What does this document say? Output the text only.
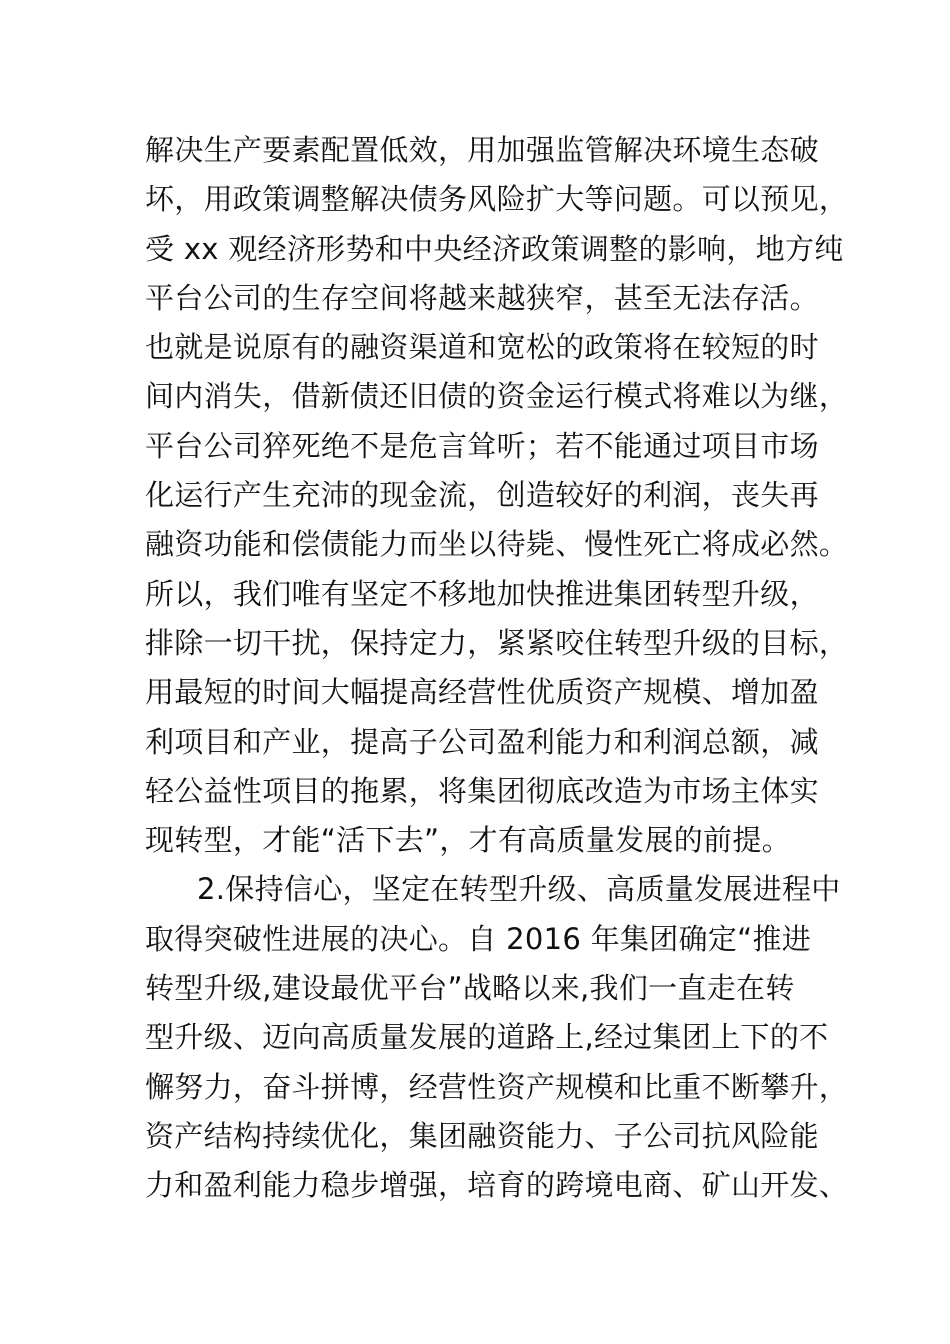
解决生产要素配置低效，用加强监管解决环境生态破
坏，用政策调整解决债务风险扩大等问题。可以预见，
受 xx 观经济形势和中央经济政策调整的影响，地方纯
平台公司的生存空间将越来越狭窄，甚至无法存活。
也就是说原有的融资渠道和宽松的政策将在较短的时
间内消失，借新债还旧债的资金运行模式将难以为继，
平台公司猝死绝不是危言耸听；若不能通过项目市场
化运行产生充沛的现金流，创造较好的利润，丧失再
融资功能和偿债能力而坐以待毙、慢性死亡将成必然。
所以，我们唯有坚定不移地加快推进集团转型升级，
排除一切干扰，保持定力，紧紧咬住转型升级的目标，
用最短的时间大幅提高经营性优质资产规模、增加盈
利项目和产业，提高子公司盈利能力和利润总额，减
轻公益性项目的拖累，将集团彻底改造为市场主体实
现转型，才能“活下去”，才有高质量发展的前提。
2.保持信心，坚定在转型升级、高质量发展进程中
取得突破性进展的决心。自 2016 年集团确定“推进
转型升级,建设最优平台”战略以来,我们一直走在转
型升级、迈向高质量发展的道路上,经过集团上下的不
懈努力，奋斗拼博，经营性资产规模和比重不断攀升，
资产结构持续优化，集团融资能力、子公司抗风险能
力和盈利能力稳步增强，培育的跨境电商、矿山开发、
